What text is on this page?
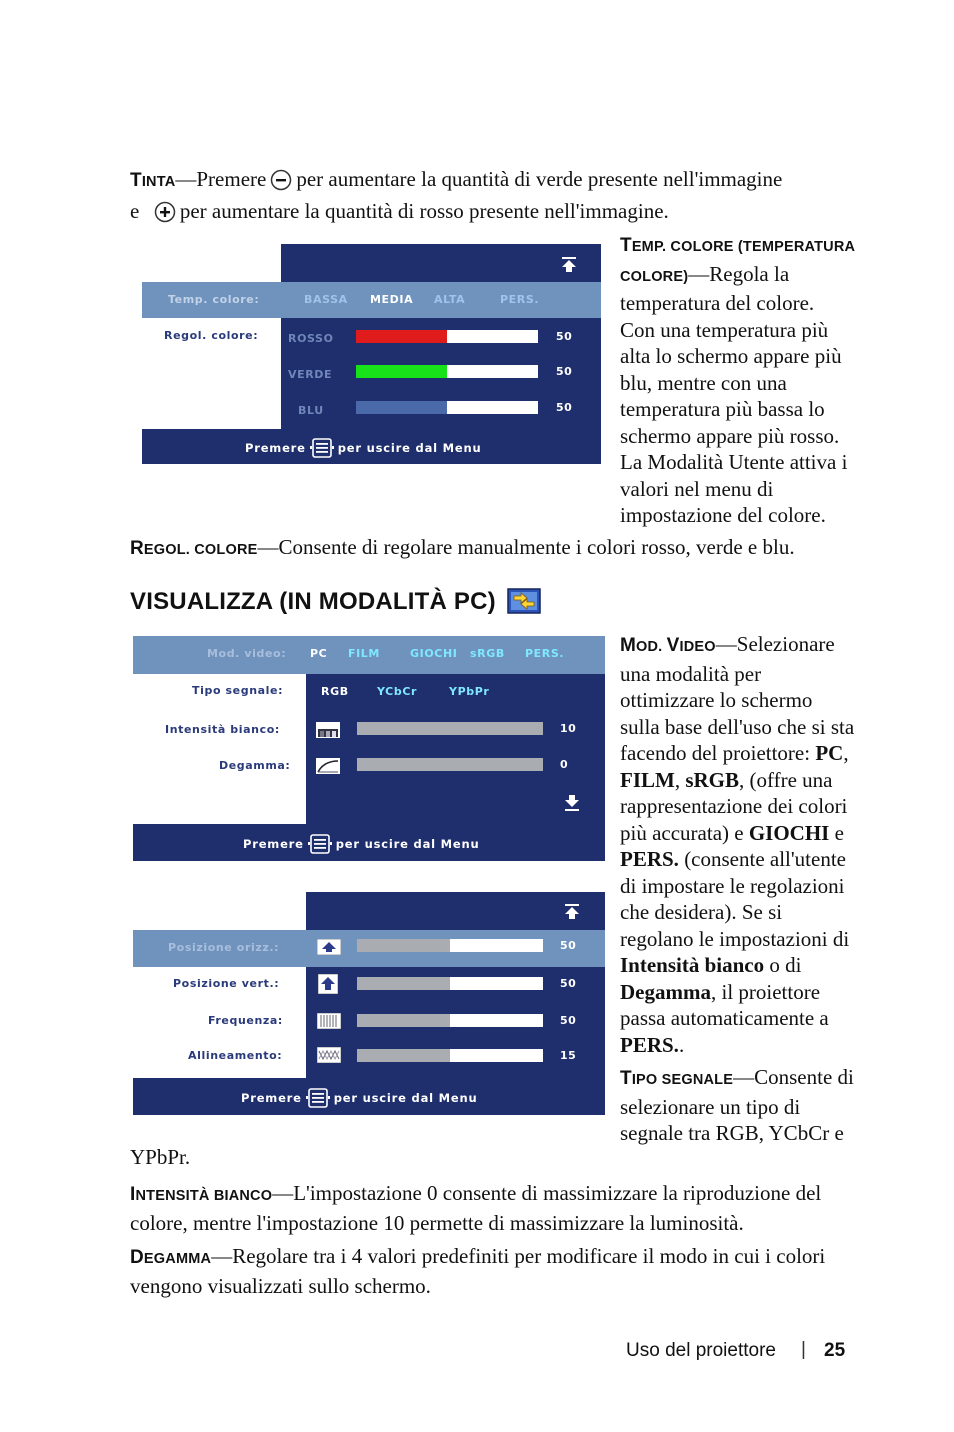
TINTA—Premere per aumentare la quantità di verde presente nell'immagine
e per aumentare la quantità di rosso presente nell'immagine.
Temp. colore:	BASSA MEDIA ALTA	PERS.
Regol. colore:	ROSSO	50
VERDE	50
BLU	50
Premere	per uscire dal Menu
TEMP. COLORE (TEMPERATURA
COLORE)—Regola la
temperatura del colore.
Con una temperatura più
alta lo schermo appare più
blu, mentre con una
temperatura più bassa lo
schermo appare più rosso.
La Modalità Utente attiva i
valori nel menu di
impostazione del colore.
REGOL. COLORE—Consente di regolare manualmente i colori rosso, verde e blu.
VISUALIZZA (IN MODALITÀ PC)
Mod. video: PC FILM	GIOCHI sRGB PERS.
Tipo segnale:	RGB	YCbCr	YPbPr
Intensità bianco:	10
Degamma:	0
Premere	per uscire dal Menu
Posizione orizz.:	50
Posizione vert.:	50
Frequenza:	50
Allineamento:	15
Premere	per uscire dal Menu
MOD. VIDEO—Selezionare
una modalità per
ottimizzare lo schermo
sulla base dell'uso che si sta
facendo del proiettore: PC,
FILM, sRGB, (offre una
rappresentazione dei colori
più accurata) e GIOCHI e
PERS. (consente all'utente
di impostare le regolazioni
che desidera). Se si
regolano le impostazioni di
Intensità bianco o di
Degamma, il proiettore
passa automaticamente a
PERS..
TIPO SEGNALE—Consente di
selezionare un tipo di
segnale tra RGB, YCbCr e
YPbPr.
INTENSITÀ BIANCO—L'impostazione 0 consente di massimizzare la riproduzione del
colore, mentre l'impostazione 10 permette di massimizzare la luminosità.
DEGAMMA—Regolare tra i 4 valori predefiniti per modificare il modo in cui i colori
vengono visualizzati sullo schermo.
Uso del proiettore | 25
